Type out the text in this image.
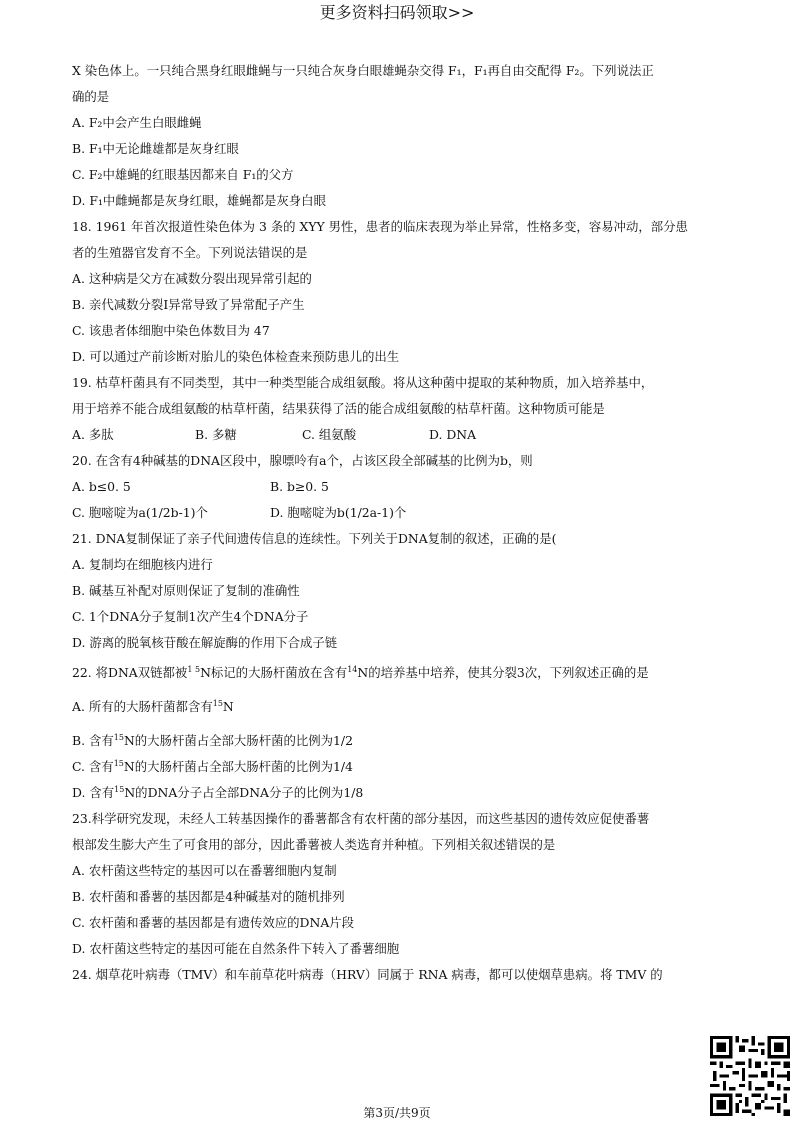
X 染色体上。一只纯合黑身红眼雌蝇与一只纯合灰身白眼雄蝇杂交得 F₁，F₁再自由交配得 F₂。下列说法正
确的是
A. F₂中会产生白眼雌蝇
B. F₁中无论雌雄都是灰身红眼
C. F₂中雄蝇的红眼基因都来自 F₁的父方
D. F₁中雌蝇都是灰身红眼，雄蝇都是灰身白眼
18. 1961 年首次报道性染色体为 3 条的 XYY 男性，患者的临床表现为举止异常，性格多变，容易冲动，部分患
者的生殖器官发育不全。下列说法错误的是
A. 这种病是父方在减数分裂出现异常引起的
B. 亲代减数分裂Ⅰ异常导致了异常配子产生
C. 该患者体细胞中染色体数目为 47
D. 可以通过产前诊断对胎儿的染色体检查来预防患儿的出生
19. 枯草杆菌具有不同类型，其中一种类型能合成组氨酸。将从这种菌中提取的某种物质，加入培养基中，
用于培养不能合成组氨酸的枯草杆菌，结果获得了活的能合成组氨酸的枯草杆菌。这种物质可能是
A. 多肽	B. 多糖	C. 组氨酸	D. DNA
20. 在含有4种碱基的DNA区段中，腺嘌呤有a个，占该区段全部碱基的比例为b，则
A. b≤0. 5	B. b≥0. 5
C. 胞嘧啶为a(1/2b-1)个	D. 胞嘧啶为b(1/2a-1)个
21. DNA复制保证了亲子代间遗传信息的连续性。下列关于DNA复制的叙述，正确的是(
A. 复制均在细胞核内进行
B. 碱基互补配对原则保证了复制的准确性
C. 1个DNA分子复制1次产生4个DNA分子
D. 游离的脱氧核苷酸在解旋酶的作用下合成子链
22. 将DNA双链都被$^{1 5}$N标记的大肠杆菌放在含有$^{14}$N的培养基中培养，使其分裂3次，下列叙述正确的是
A. 所有的大肠杆菌都含有$^{15}$N
B. 含有$^{15}$N的大肠杆菌占全部大肠杆菌的比例为1/2
C. 含有$^{15}$N的大肠杆菌占全部大肠杆菌的比例为1/4
D. 含有$^{15}$N的DNA分子占全部DNA分子的比例为1/8
23.科学研究发现，未经人工转基因操作的番薯都含有农杆菌的部分基因，而这些基因的遗传效应促使番薯
根部发生膨大产生了可食用的部分，因此番薯被人类选育并种植。下列相关叙述错误的是
A. 农杆菌这些特定的基因可以在番薯细胞内复制
B. 农杆菌和番薯的基因都是4种碱基对的随机排列
C. 农杆菌和番薯的基因都是有遗传效应的DNA片段
D. 农杆菌这些特定的基因可能在自然条件下转入了番薯细胞
24. 烟草花叶病毒（TMV）和车前草花叶病毒（HRV）同属于 RNA 病毒，都可以使烟草患病。将 TMV 的
更多资料扫码领取>>
第3页/共9页
